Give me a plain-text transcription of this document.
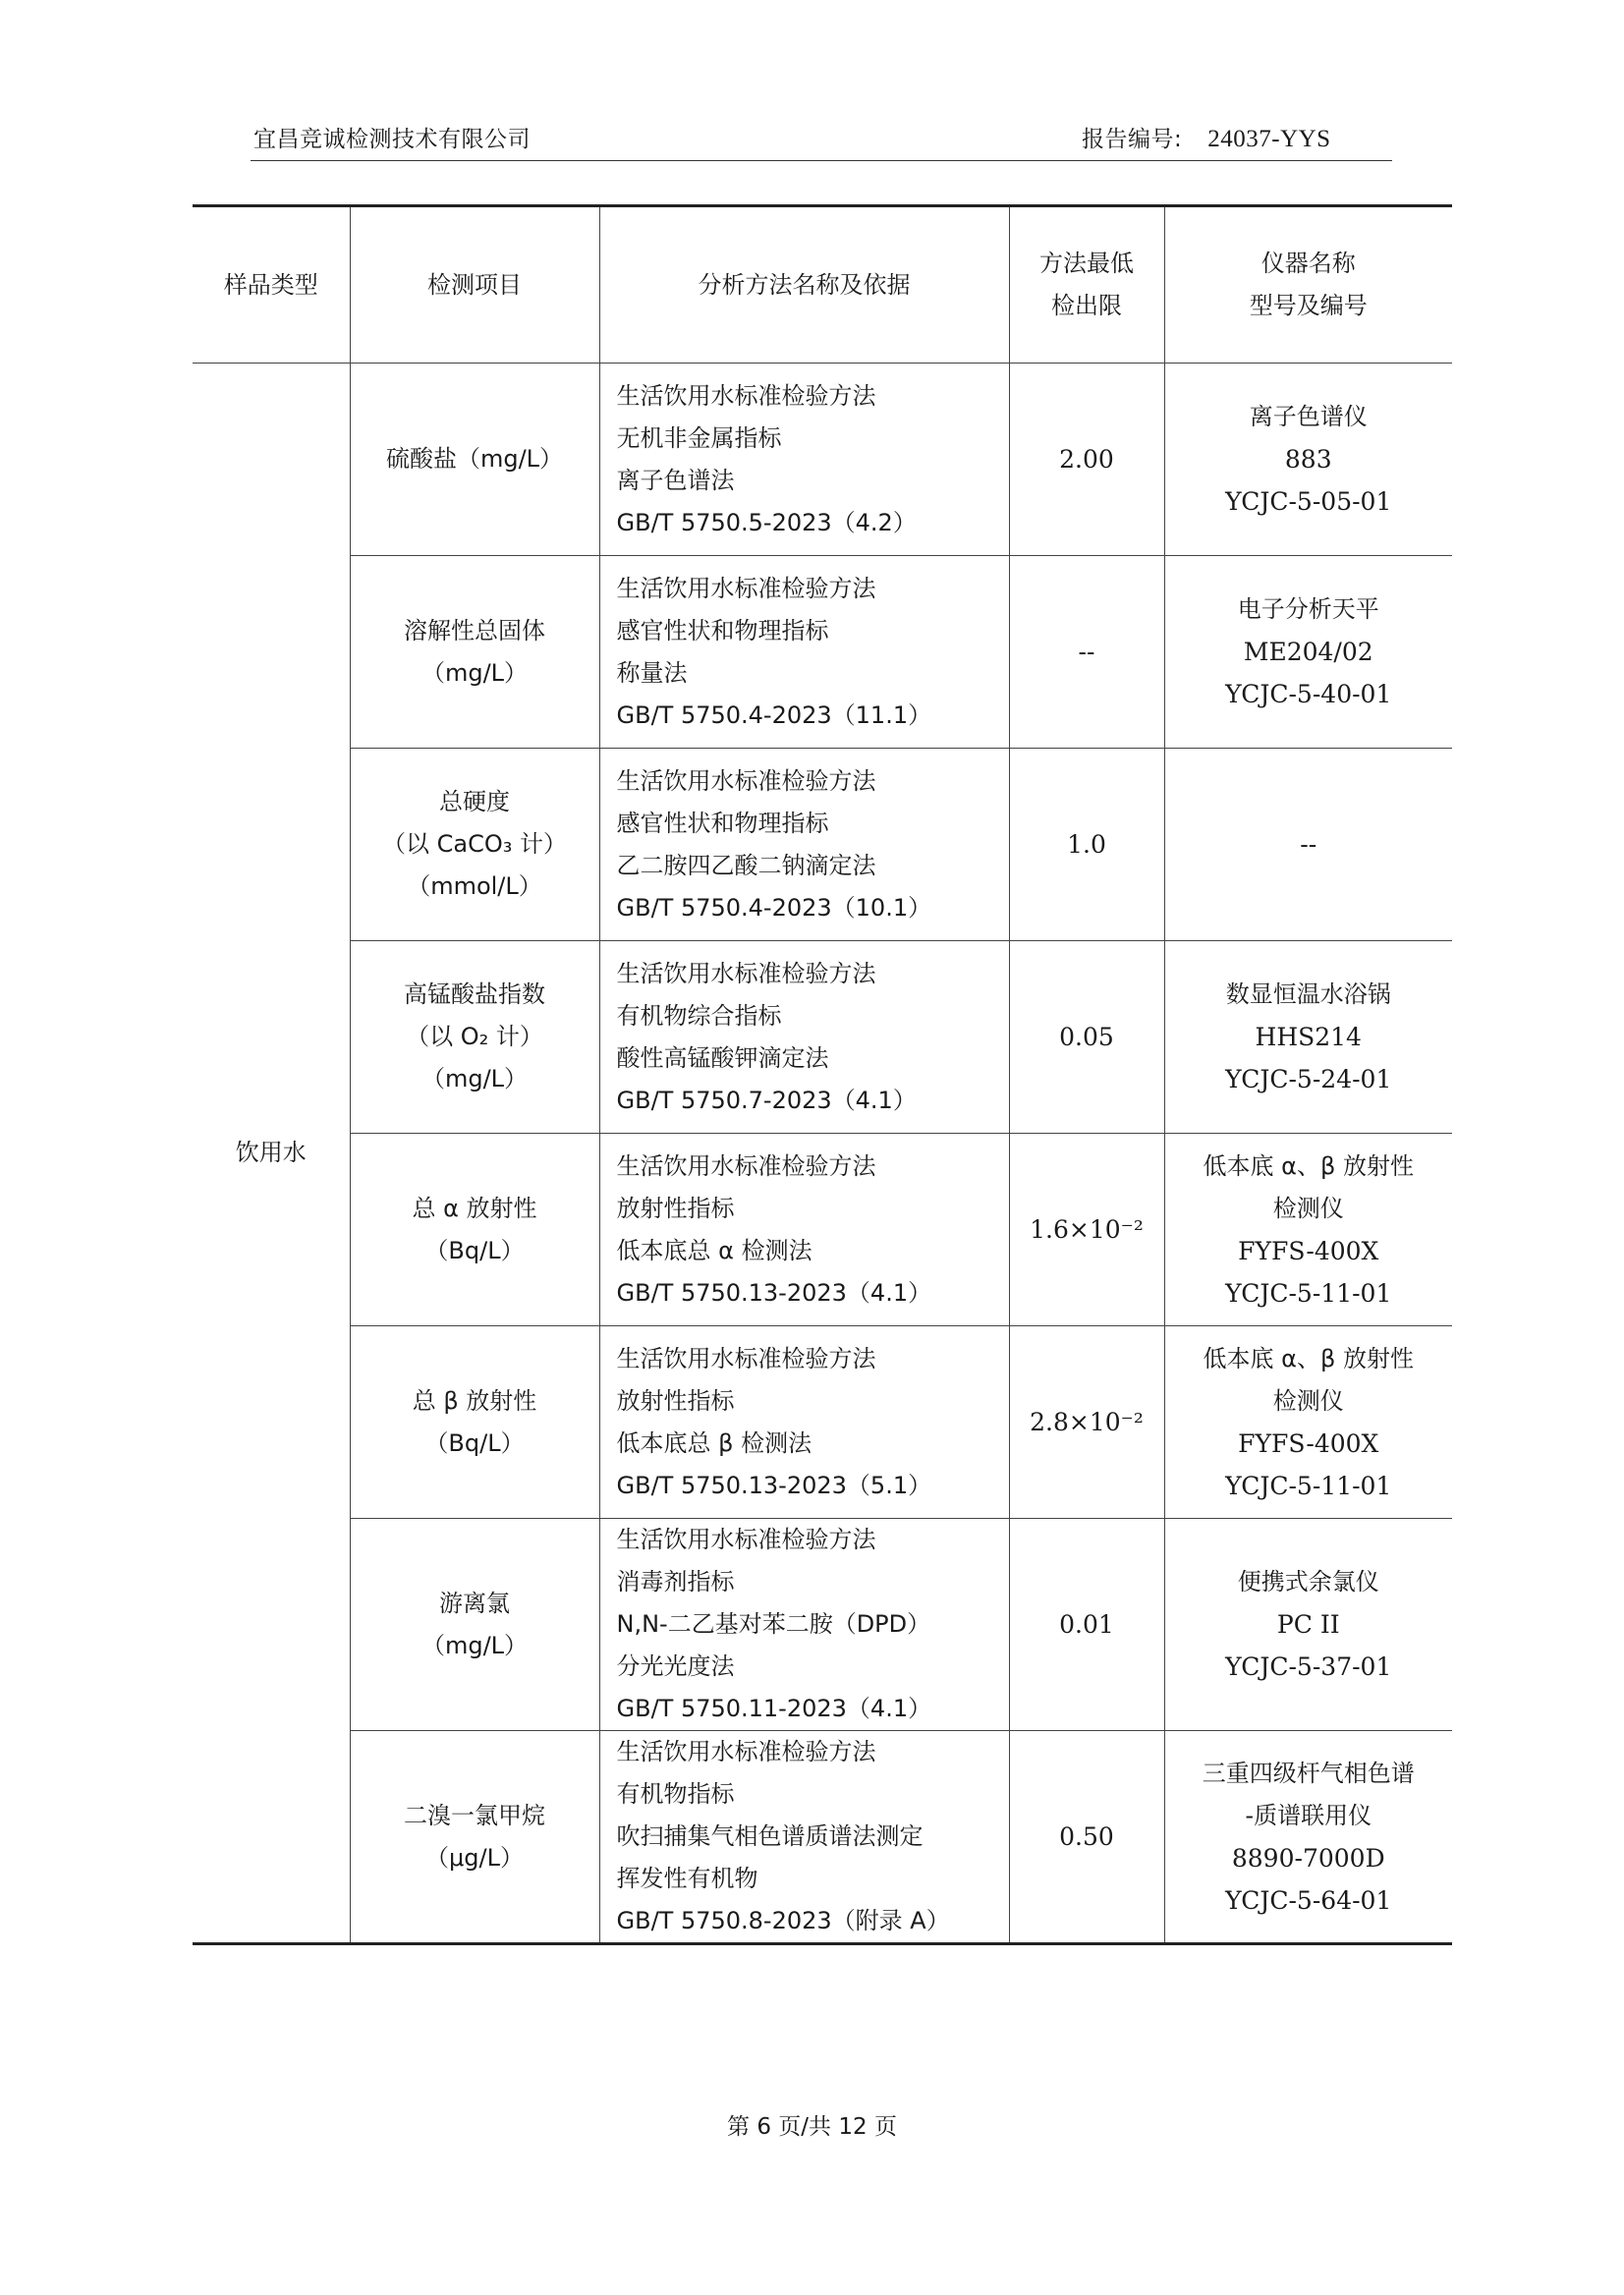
宜昌竞诚检测技术有限公司	报告编号: 24037-YYS
样品类型	检测项目	分析方法名称及依据	方法最低
检出限	仪器名称
型号及编号

饮用水	硫酸盐（mg/L）	生活饮用水标准检验方法
无机非金属指标
离子色谱法
GB/T 5750.5-2023（4.2）	2.00	离子色谱仪
883
YCJC-5-05-01

	溶解性总固体
（mg/L）	生活饮用水标准检验方法
感官性状和物理指标
称量法
GB/T 5750.4-2023（11.1）	--	电子分析天平
ME204/02
YCJC-5-40-01

	总硬度
（以 CaCO₃ 计）
（mmol/L）	生活饮用水标准检验方法
感官性状和物理指标
乙二胺四乙酸二钠滴定法
GB/T 5750.4-2023（10.1）	1.0	--

	高锰酸盐指数
（以 O₂ 计）
（mg/L）	生活饮用水标准检验方法
有机物综合指标
酸性高锰酸钾滴定法
GB/T 5750.7-2023（4.1）	0.05	数显恒温水浴锅
HHS214
YCJC-5-24-01

	总 α 放射性
（Bq/L）	生活饮用水标准检验方法
放射性指标
低本底总 α 检测法
GB/T 5750.13-2023（4.1）	1.6×10⁻²	低本底 α、β 放射性
检测仪
FYFS-400X
YCJC-5-11-01

	总 β 放射性
（Bq/L）	生活饮用水标准检验方法
放射性指标
低本底总 β 检测法
GB/T 5750.13-2023（5.1）	2.8×10⁻²	低本底 α、β 放射性
检测仪
FYFS-400X
YCJC-5-11-01

	游离氯
（mg/L）	生活饮用水标准检验方法
消毒剂指标
N,N-二乙基对苯二胺（DPD）
分光光度法
GB/T 5750.11-2023（4.1）	0.01	便携式余氯仪
PC II
YCJC-5-37-01

	二溴一氯甲烷
（μg/L）	生活饮用水标准检验方法
有机物指标
吹扫捕集气相色谱质谱法测定
挥发性有机物
GB/T 5750.8-2023（附录 A）	0.50	三重四级杆气相色谱
-质谱联用仪
8890-7000D
YCJC-5-64-01
第 6 页/共 12 页
